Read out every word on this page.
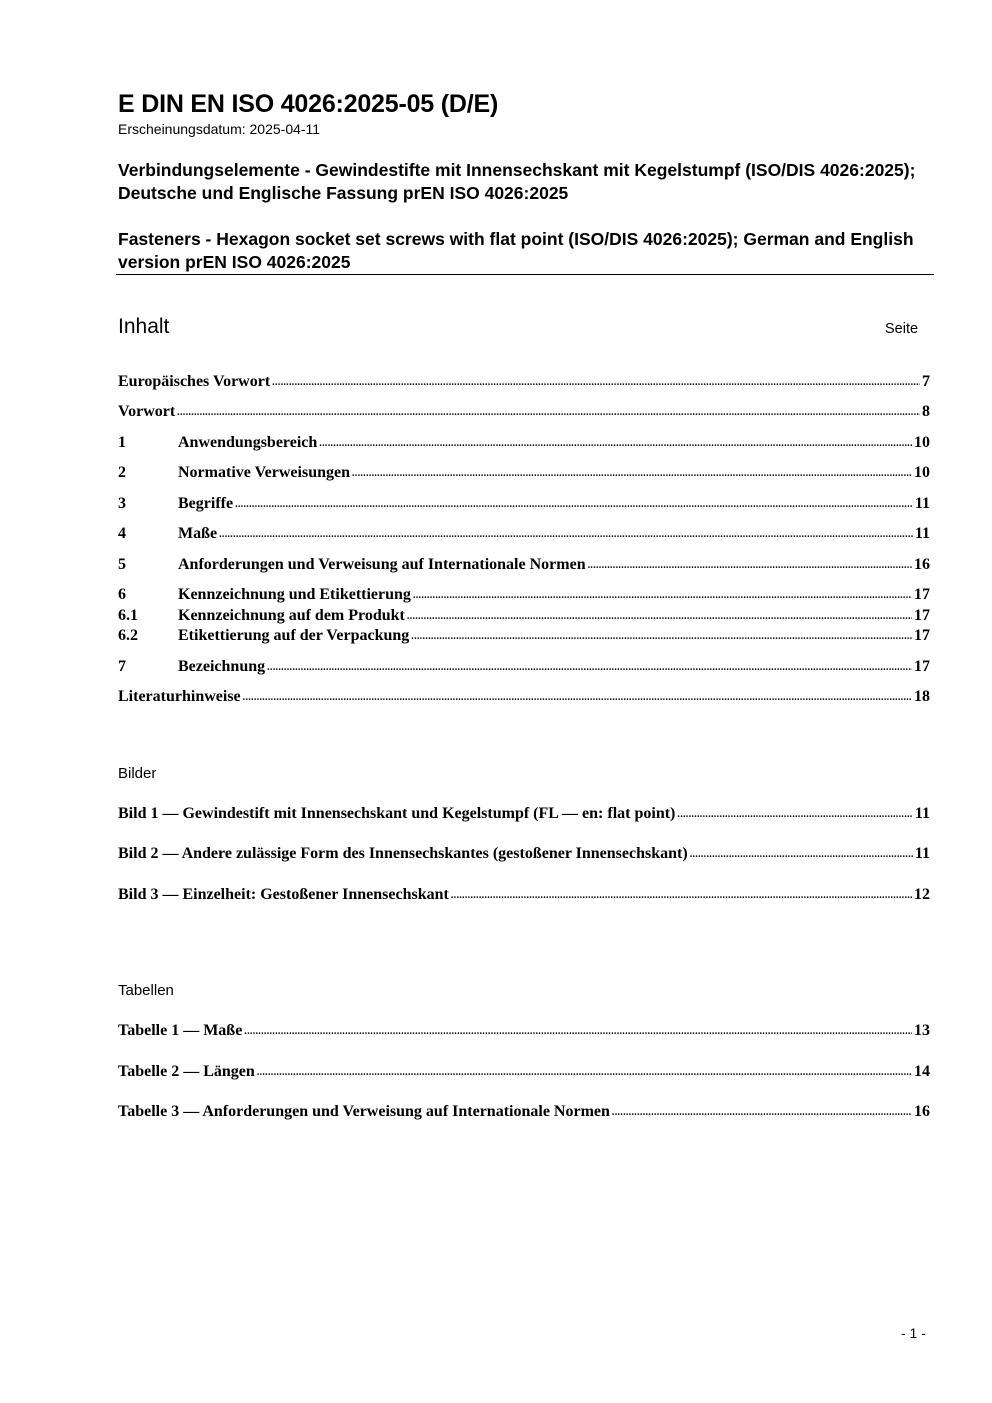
E DIN EN ISO 4026:2025-05 (D/E)
Erscheinungsdatum: 2025-04-11
Verbindungselemente - Gewindestifte mit Innensechskant mit Kegelstumpf (ISO/DIS 4026:2025); Deutsche und Englische Fassung prEN ISO 4026:2025
Fasteners - Hexagon socket set screws with flat point (ISO/DIS 4026:2025); German and English version prEN ISO 4026:2025
Inhalt	Seite
Europäisches Vorwort .....	7
Vorwort .....	8
1	Anwendungsbereich .....	10
2	Normative Verweisungen .....	10
3	Begriffe .....	11
4	Maße .....	11
5	Anforderungen und Verweisung auf Internationale Normen .....	16
6	Kennzeichnung und Etikettierung .....	17
6.1	Kennzeichnung auf dem Produkt .....	17
6.2	Etikettierung auf der Verpackung .....	17
7	Bezeichnung .....	17
Literaturhinweise .....	18
Bilder
Bild 1 — Gewindestift mit Innensechskant und Kegelstumpf (FL — en: flat point) .....	11
Bild 2 — Andere zulässige Form des Innensechskantes (gestoßener Innensechskant) .....	11
Bild 3 — Einzelheit: Gestoßener Innensechskant .....	12
Tabellen
Tabelle 1 — Maße .....	13
Tabelle 2 — Längen .....	14
Tabelle 3 — Anforderungen und Verweisung auf Internationale Normen .....	16
- 1 -
